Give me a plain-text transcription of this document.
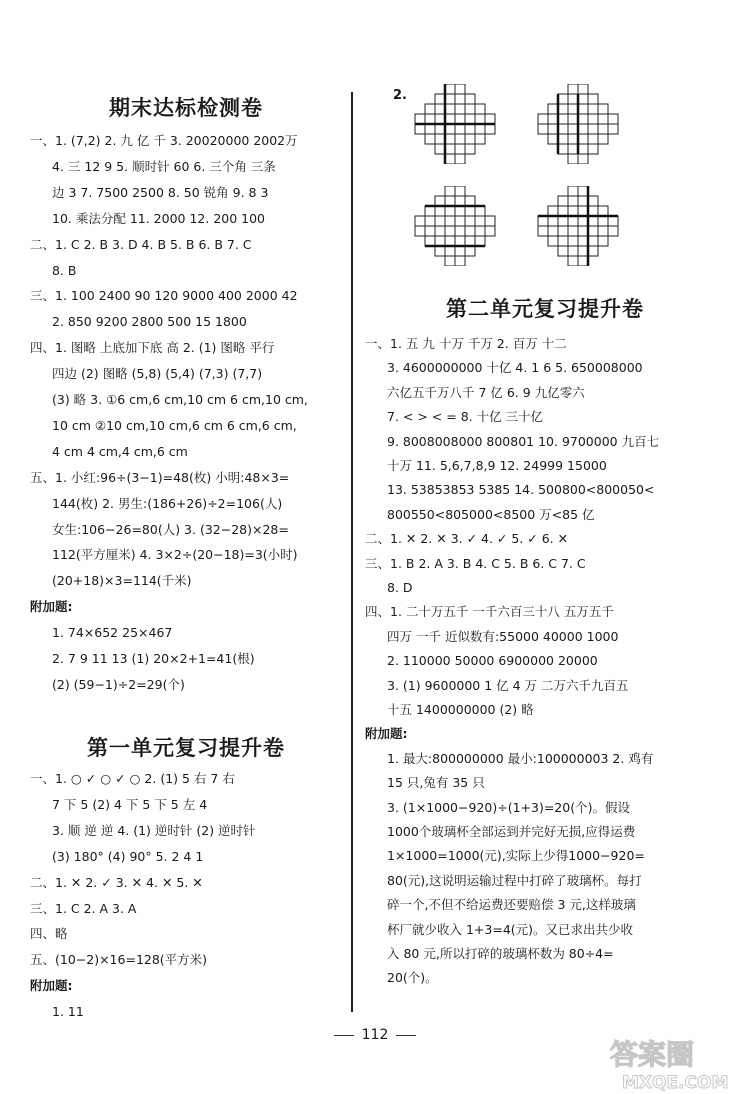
期末达标检测卷
一、1. (7,2) 2. 九 亿 千 3. 20020000 2002万
4. 三 12 9 5. 顺时针 60 6. 三个角 三条
边 3 7. 7500 2500 8. 50 锐角 9. 8 3
10. 乘法分配 11. 2000 12. 200 100
二、1. C 2. B 3. D 4. B 5. B 6. B 7. C
8. B
三、1. 100 2400 90 120 9000 400 2000 42
2. 850 9200 2800 500 15 1800
四、1. 图略 上底加下底 高 2. (1) 图略 平行
四边 (2) 图略 (5,8) (5,4) (7,3) (7,7)
(3) 略 3. ①6 cm,6 cm,10 cm 6 cm,10 cm,
10 cm ②10 cm,10 cm,6 cm 6 cm,6 cm,
4 cm 4 cm,4 cm,6 cm
五、1. 小红:96÷(3−1)=48(枚) 小明:48×3=
144(枚) 2. 男生:(186+26)÷2=106(人)
女生:106−26=80(人) 3. (32−28)×28=
112(平方厘米) 4. 3×2÷(20−18)=3(小时)
(20+18)×3=114(千米)
附加题:
1. 74×652 25×467
2. 7 9 11 13 (1) 20×2+1=41(根)
(2) (59−1)÷2=29(个)
第一单元复习提升卷
一、1. ○ ✓ ○ ✓ ○ 2. (1) 5 右 7 右
7 下 5 (2) 4 下 5 下 5 左 4
3. 顺 逆 逆 4. (1) 逆时针 (2) 逆时针
(3) 180° (4) 90° 5. 2 4 1
二、1. ✕ 2. ✓ 3. ✕ 4. ✕ 5. ✕
三、1. C 2. A 3. A
四、略
五、(10−2)×16=128(平方米)
附加题:
1. 11
2.
第二单元复习提升卷
一、1. 五 九 十万 千万 2. 百万 十二
3. 4600000000 十亿 4. 1 6 5. 650008000
六亿五千万八千 7 亿 6. 9 九亿零六
7. < > < = 8. 十亿 三十亿
9. 8008008000 800801 10. 9700000 九百七
十万 11. 5,6,7,8,9 12. 24999 15000
13. 53853853 5385 14. 500800<800050<
800550<805000<8500 万<85 亿
二、1. ✕ 2. ✕ 3. ✓ 4. ✓ 5. ✓ 6. ✕
三、1. B 2. A 3. B 4. C 5. B 6. C 7. C
8. D
四、1. 二十万五千 一千六百三十八 五万五千
四万 一千 近似数有:55000 40000 1000
2. 110000 50000 6900000 20000
3. (1) 9600000 1 亿 4 万 二万六千九百五
十五 1400000000 (2) 略
附加题:
1. 最大:800000000 最小:100000003 2. 鸡有
15 只,兔有 35 只
3. (1×1000−920)÷(1+3)=20(个)。假设
1000个玻璃杯全部运到并完好无损,应得运费
1×1000=1000(元),实际上少得1000−920=
80(元),这说明运输过程中打碎了玻璃杯。每打
碎一个,不但不给运费还要赔偿 3 元,这样玻璃
杯厂就少收入 1+3=4(元)。又已求出共少收
入 80 元,所以打碎的玻璃杯数为 80÷4=
20(个)。
112
答案圈
MXQE.COM
